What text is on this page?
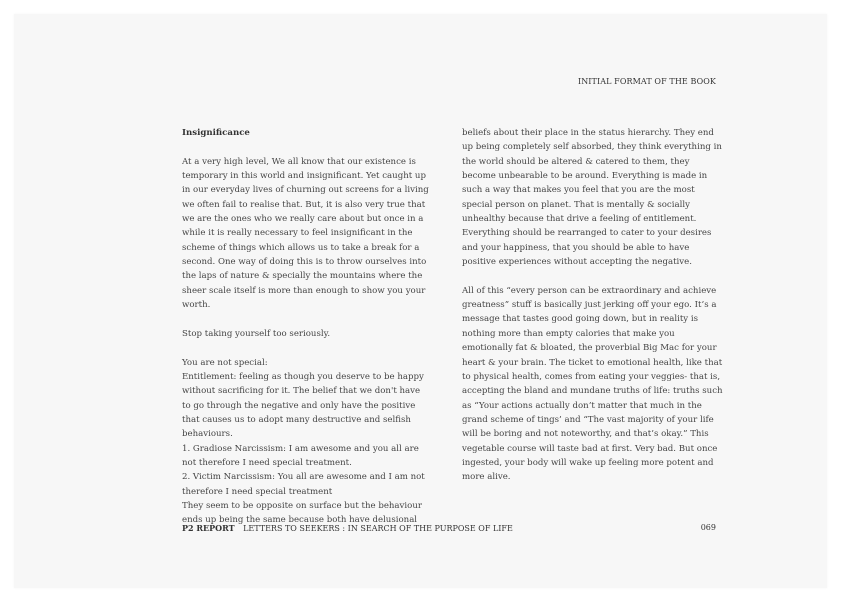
INITIAL FORMAT OF THE BOOK

Insignificance

At a very high level, We all know that our existence is temporary in this world and insignificant. Yet caught up in our everyday lives of churning out screens for a living we often fail to realise that. But, it is also very true that we are the ones who we really care about but once in a while it is really necessary to feel insignificant in the scheme of things which allows us to take a break for a second. One way of doing this is to throw ourselves into the laps of nature & specially the mountains where the sheer scale itself is more than enough to show you your worth.

Stop taking yourself too seriously.

You are not special:

Entitlement: feeling as though you deserve to be happy without sacrificing for it. The belief that we don't have to go through the negative and only have the positive that causes us to adopt many destructive and selfish behaviours.

1. Gradiose Narcissism: I am awesome and you all are not therefore I need special treatment.

2. Victim Narcissism: You all are awesome and I am not therefore I need special treatment

They seem to be opposite on surface but the behaviour ends up being the same because both have delusional

beliefs about their place in the status hierarchy. They end up being completely self absorbed, they think everything in the world should be altered & catered to them, they become unbearable to be around. Everything is made in such a way that makes you feel that you are the most special person on planet. That is mentally & socially unhealthy because that drive a feeling of entitlement. Everything should be rearranged to cater to your desires and your happiness, that you should be able to have positive experiences without accepting the negative.

All of this “every person can be extraordinary and achieve greatness” stuff is basically just jerking off your ego. It’s a message that tastes good going down, but in reality is nothing more than empty calories that make you emotionally fat & bloated, the proverbial Big Mac for your heart & your brain. The ticket to emotional health, like that to physical health, comes from eating your veggies- that is, accepting the bland and mundane truths of life: truths such as “Your actions actually don’t matter that much in the grand scheme of tings’ and “The vast majority of your life will be boring and not noteworthy, and that’s okay.” This vegetable course will taste bad at first. Very bad. But once ingested, your body will wake up feeling more potent and more alive.

P2 REPORT LETTERS TO SEEKERS : IN SEARCH OF THE PURPOSE OF LIFE	069
